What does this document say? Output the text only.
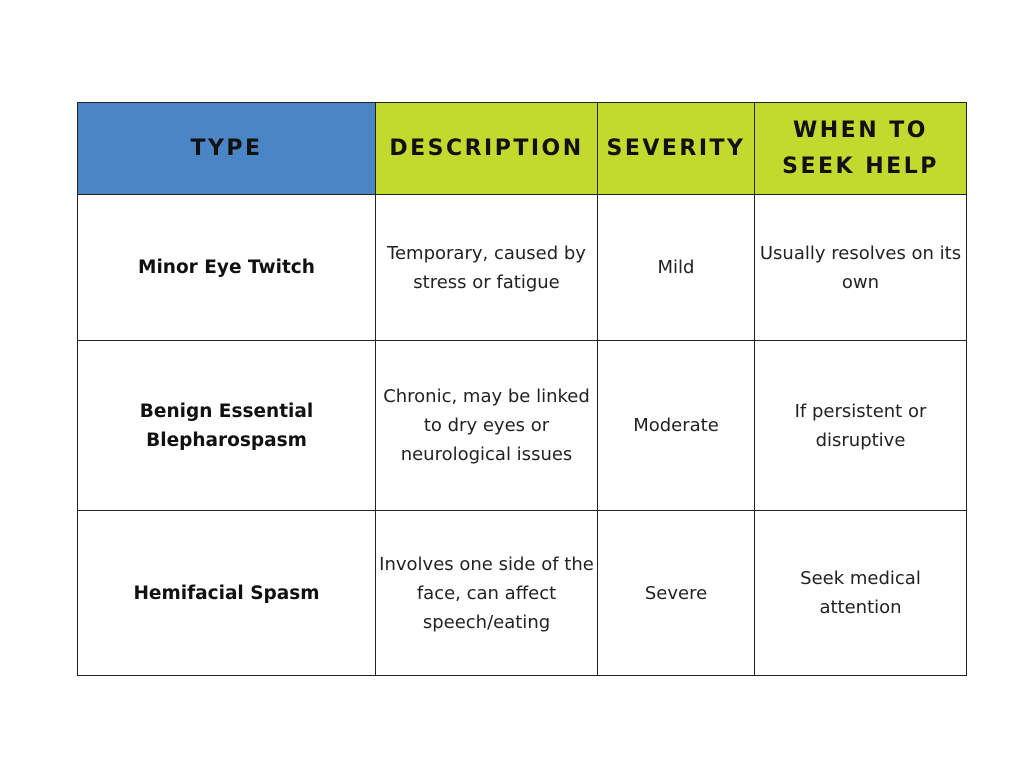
TYPE	DESCRIPTION	SEVERITY	WHEN TO
SEEK HELP
Minor Eye Twitch	Temporary, caused by stress or fatigue	Mild	Usually resolves on its own
Benign Essential Blepharospasm	Chronic, may be linked to dry eyes or neurological issues	Moderate	If persistent or disruptive
Hemifacial Spasm	Involves one side of the face, can affect speech/eating	Severe	Seek medical attention
